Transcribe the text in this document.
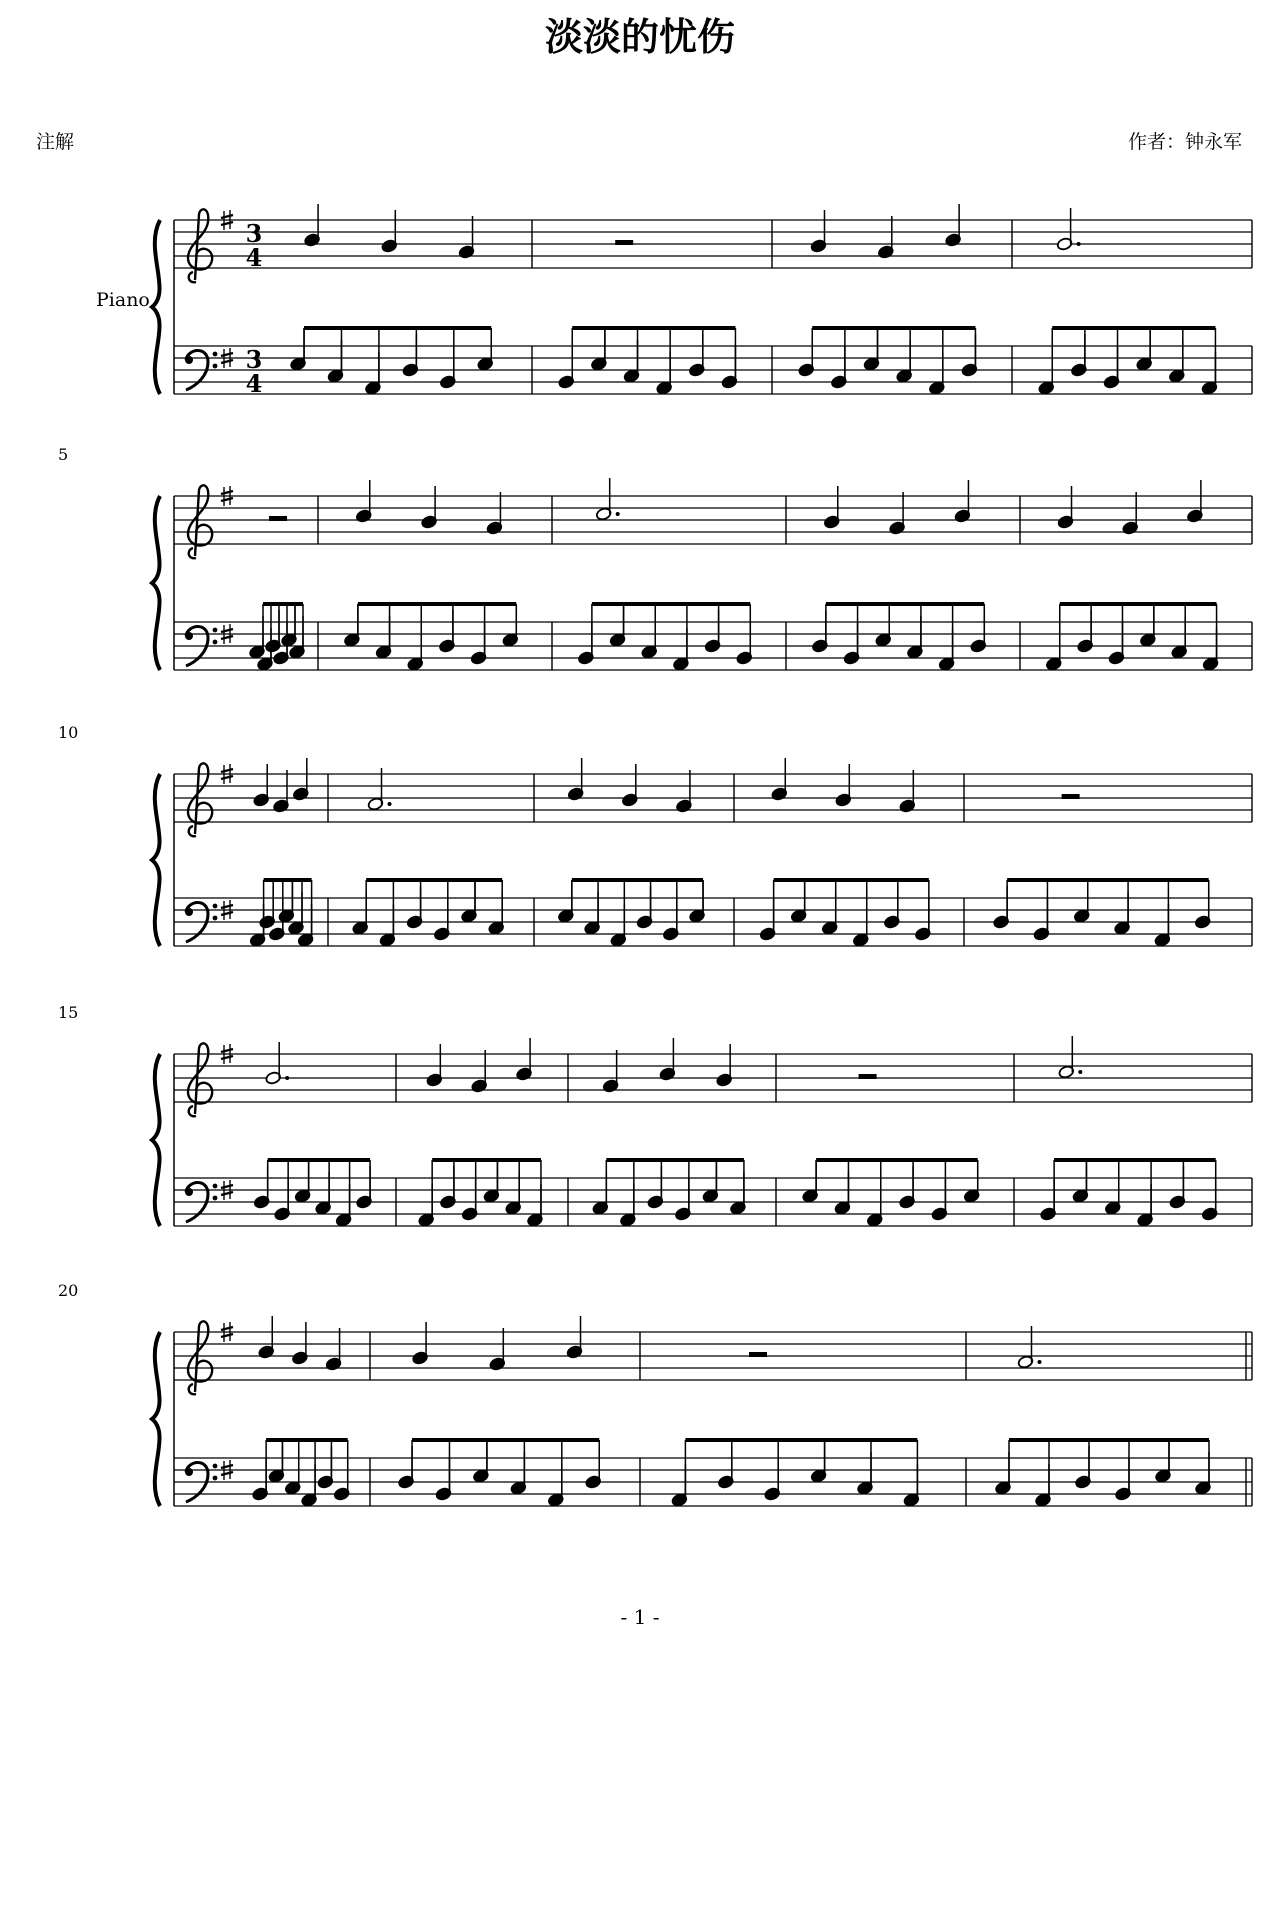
淡淡的忧伤
注解	作者：钟永军
Piano
3
4
3
4
5
10
15
20
- 1 -
